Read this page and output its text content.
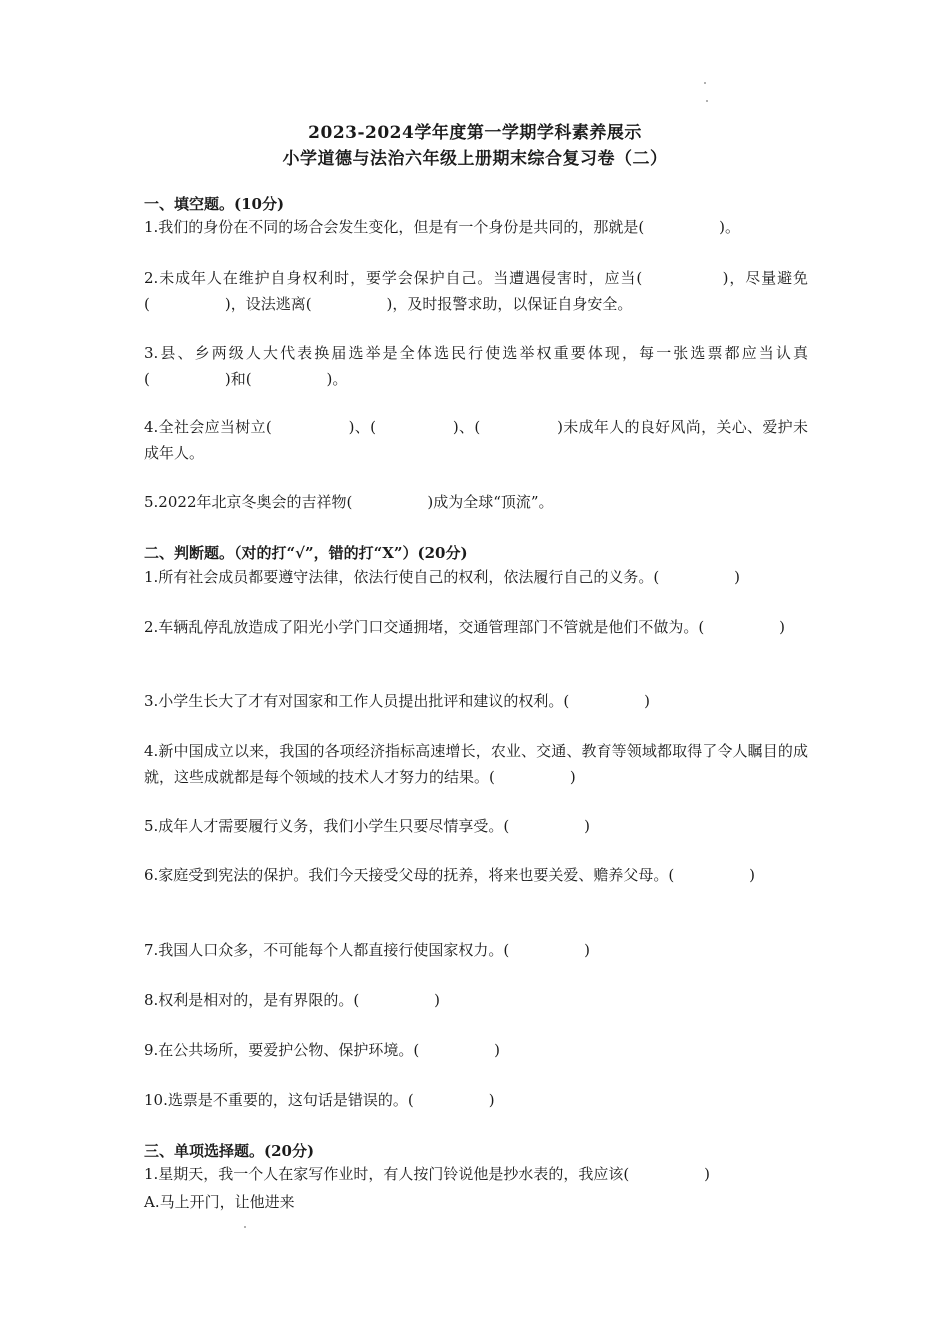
2023-2024学年度第一学期学科素养展示
小学道德与法治六年级上册期末综合复习卷（二）
一、填空题。(10分)
1.我们的身份在不同的场合会发生变化，但是有一个身份是共同的，那就是(　　　　　)。
2.未成年人在维护自身权利时，要学会保护自己。当遭遇侵害时，应当(　　　　　)，尽量避免(　　　　　)，设法逃离(　　　　　)，及时报警求助，以保证自身安全。
3.县、乡两级人大代表换届选举是全体选民行使选举权重要体现，每一张选票都应当认真(　　　　　)和(　　　　　)。
4.全社会应当树立(　　　　　)、(　　　　　)、(　　　　　)未成年人的良好风尚，关心、爱护未成年人。
5.2022年北京冬奥会的吉祥物(　　　　　)成为全球“顶流”。
二、判断题。（对的打“√”，错的打“X”）(20分)
1.所有社会成员都要遵守法律，依法行使自己的权利，依法履行自己的义务。(　　　　　)
2.车辆乱停乱放造成了阳光小学门口交通拥堵，交通管理部门不管就是他们不做为。(　　　　　)
3.小学生长大了才有对国家和工作人员提出批评和建议的权利。(　　　　　)
4.新中国成立以来，我国的各项经济指标高速增长，农业、交通、教育等领域都取得了令人瞩目的成就，这些成就都是每个领域的技术人才努力的结果。(　　　　　)
5.成年人才需要履行义务，我们小学生只要尽情享受。(　　　　　)
6.家庭受到宪法的保护。我们今天接受父母的抚养，将来也要关爱、赡养父母。(　　　　　)
7.我国人口众多，不可能每个人都直接行使国家权力。(　　　　　)
8.权利是相对的，是有界限的。(　　　　　)
9.在公共场所，要爱护公物、保护环境。(　　　　　)
10.选票是不重要的，这句话是错误的。(　　　　　)
三、单项选择题。(20分)
1.星期天，我一个人在家写作业时，有人按门铃说他是抄水表的，我应该(　　　　　)
A.马上开门，让他进来
